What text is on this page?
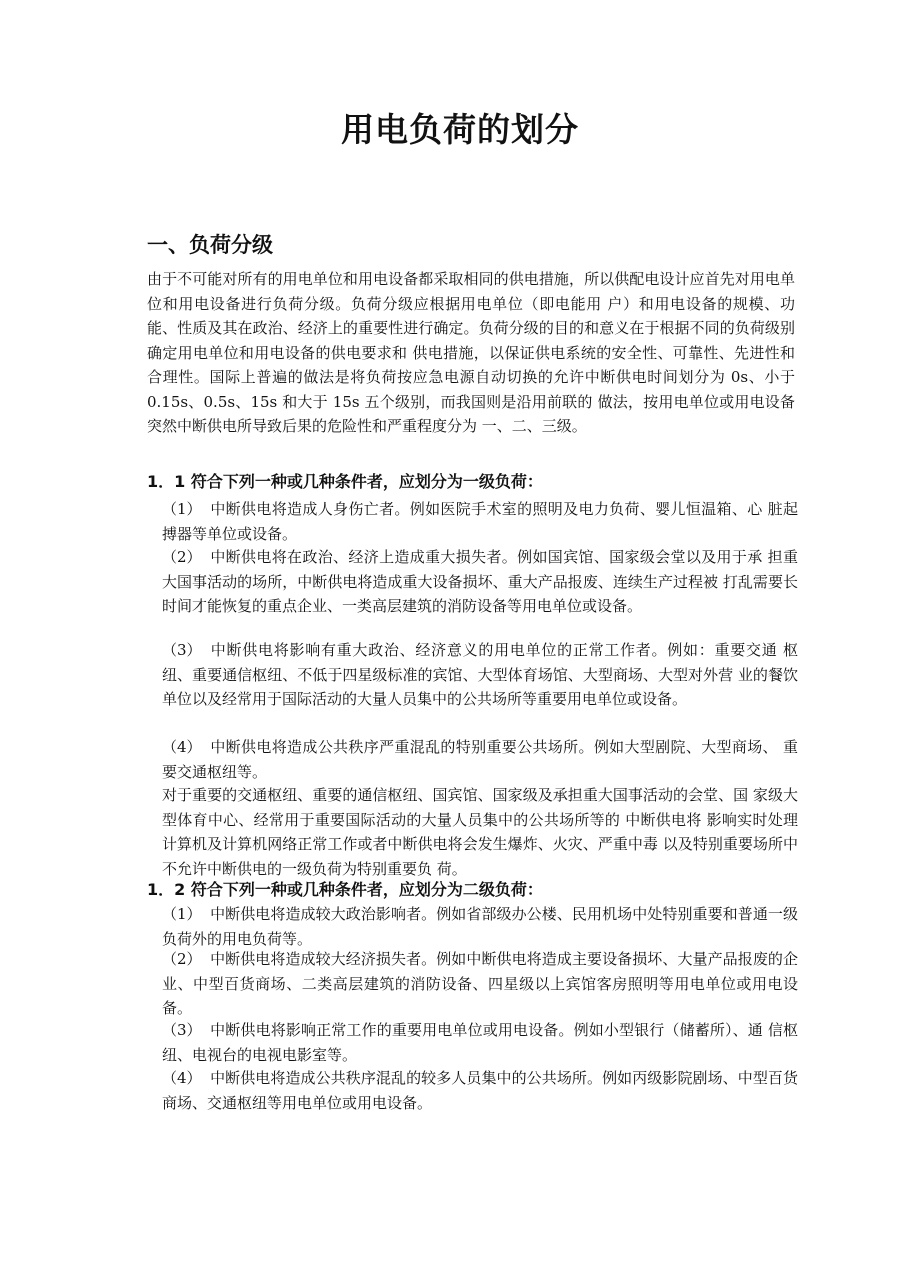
用电负荷的划分
一、负荷分级

由于不可能对所有的用电单位和用电设备都采取相同的供电措施，所以供配电设计应首先对用电单位和用电设备进行负荷分级。负荷分级应根据用电单位（即电能用 户）和用电设备的规模、功能、性质及其在政治、经济上的重要性进行确定。负荷分级的目的和意义在于根据不同的负荷级别确定用电单位和用电设备的供电要求和 供电措施，以保证供电系统的安全性、可靠性、先进性和合理性。国际上普遍的做法是将负荷按应急电源自动切换的允许中断供电时间划分为 0s、小于 0.15s、0.5s、15s 和大于 15s 五个级别，而我国则是沿用前联的 做法，按用电单位或用电设备突然中断供电所导致后果的危险性和严重程度分为 一、二、三级。

1．1 符合下列一种或几种条件者，应划分为一级负荷：

（1） 中断供电将造成人身伤亡者。例如医院手术室的照明及电力负荷、婴儿恒温箱、心 脏起搏器等单位或设备。

（2） 中断供电将在政治、经济上造成重大损失者。例如国宾馆、国家级会堂以及用于承 担重大国事活动的场所，中断供电将造成重大设备损坏、重大产品报废、连续生产过程被 打乱需要长时间才能恢复的重点企业、一类高层建筑的消防设备等用电单位或设备。

（3） 中断供电将影响有重大政治、经济意义的用电单位的正常工作者。例如：重要交通 枢纽、重要通信枢纽、不低于四星级标准的宾馆、大型体育场馆、大型商场、大型对外营 业的餐饮单位以及经常用于国际活动的大量人员集中的公共场所等重要用电单位或设备。

（4） 中断供电将造成公共秩序严重混乱的特别重要公共场所。例如大型剧院、大型商场、 重要交通枢纽等。

对于重要的交通枢纽、重要的通信枢纽、国宾馆、国家级及承担重大国事活动的会堂、国 家级大型体育中心、经常用于重要国际活动的大量人员集中的公共场所等的 中断供电将 影响实时处理计算机及计算机网络正常工作或者中断供电将会发生爆炸、火灾、严重中毒 以及特别重要场所中不允许中断供电的一级负荷为特别重要负 荷。

1．2 符合下列一种或几种条件者，应划分为二级负荷：

（1） 中断供电将造成较大政治影响者。例如省部级办公楼、民用机场中处特别重要和普通一级负荷外的用电负荷等。

（2） 中断供电将造成较大经济损失者。例如中断供电将造成主要设备损坏、大量产品报废的企业、中型百货商场、二类高层建筑的消防设备、四星级以上宾馆客房照明等用电单位或用电设备。

（3） 中断供电将影响正常工作的重要用电单位或用电设备。例如小型银行（储蓄所）、通 信枢纽、电视台的电视电影室等。

（4） 中断供电将造成公共秩序混乱的较多人员集中的公共场所。例如丙级影院剧场、中型百货商场、交通枢纽等用电单位或用电设备。
